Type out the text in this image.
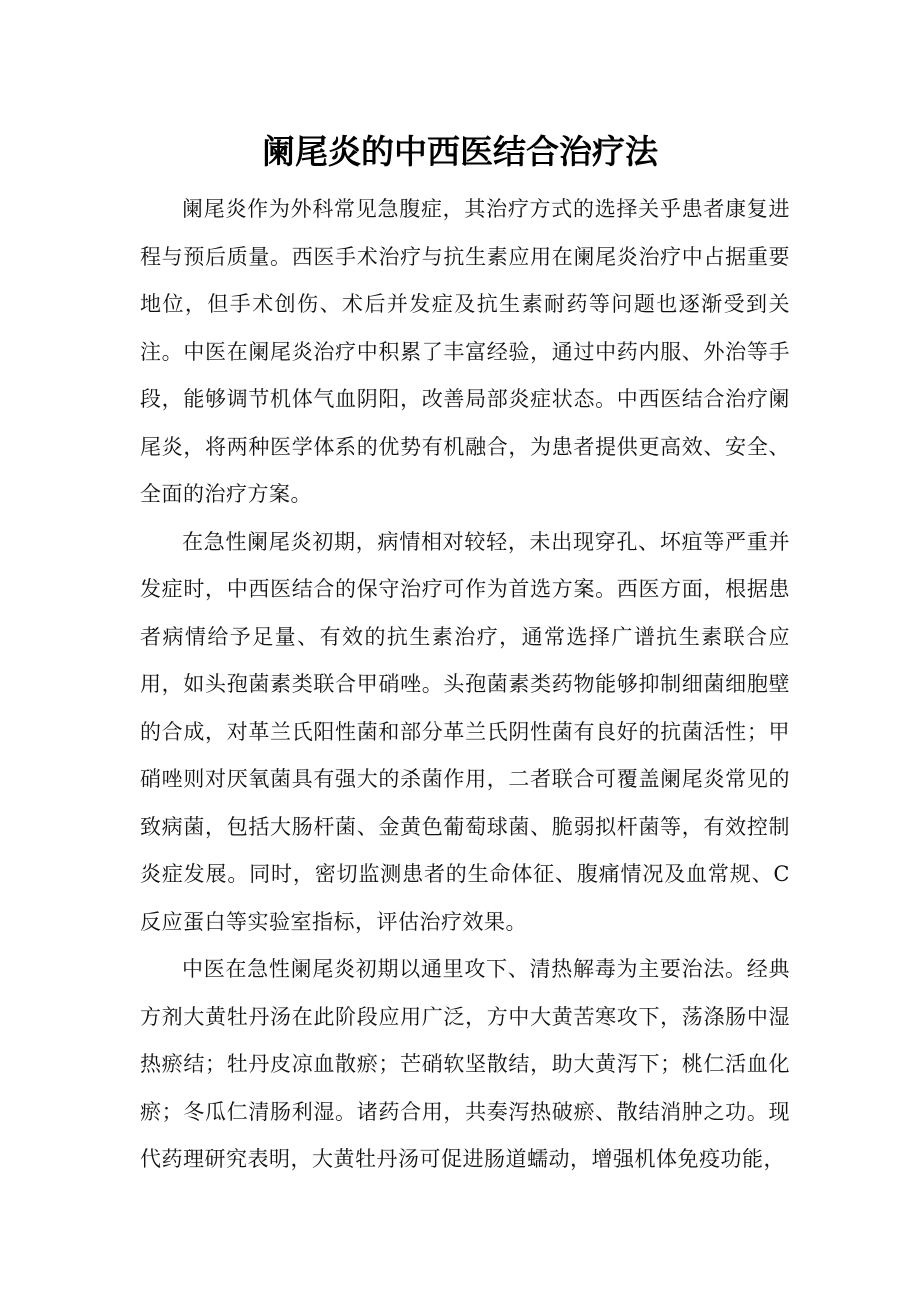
阑尾炎的中西医结合治疗法

阑尾炎作为外科常见急腹症，其治疗方式的选择关乎患者康复进程与预后质量。西医手术治疗与抗生素应用在阑尾炎治疗中占据重要地位，但手术创伤、术后并发症及抗生素耐药等问题也逐渐受到关注。中医在阑尾炎治疗中积累了丰富经验，通过中药内服、外治等手段，能够调节机体气血阴阳，改善局部炎症状态。中西医结合治疗阑尾炎，将两种医学体系的优势有机融合，为患者提供更高效、安全、全面的治疗方案。

在急性阑尾炎初期，病情相对较轻，未出现穿孔、坏疽等严重并发症时，中西医结合的保守治疗可作为首选方案。西医方面，根据患者病情给予足量、有效的抗生素治疗，通常选择广谱抗生素联合应用，如头孢菌素类联合甲硝唑。头孢菌素类药物能够抑制细菌细胞壁的合成，对革兰氏阳性菌和部分革兰氏阴性菌有良好的抗菌活性；甲硝唑则对厌氧菌具有强大的杀菌作用，二者联合可覆盖阑尾炎常见的致病菌，包括大肠杆菌、金黄色葡萄球菌、脆弱拟杆菌等，有效控制炎症发展。同时，密切监测患者的生命体征、腹痛情况及血常规、C 反应蛋白等实验室指标，评估治疗效果。

中医在急性阑尾炎初期以通里攻下、清热解毒为主要治法。经典方剂大黄牡丹汤在此阶段应用广泛，方中大黄苦寒攻下，荡涤肠中湿热瘀结；牡丹皮凉血散瘀；芒硝软坚散结，助大黄泻下；桃仁活血化瘀；冬瓜仁清肠利湿。诸药合用，共奏泻热破瘀、散结消肿之功。现代药理研究表明，大黄牡丹汤可促进肠道蠕动，增强机体免疫功能，
